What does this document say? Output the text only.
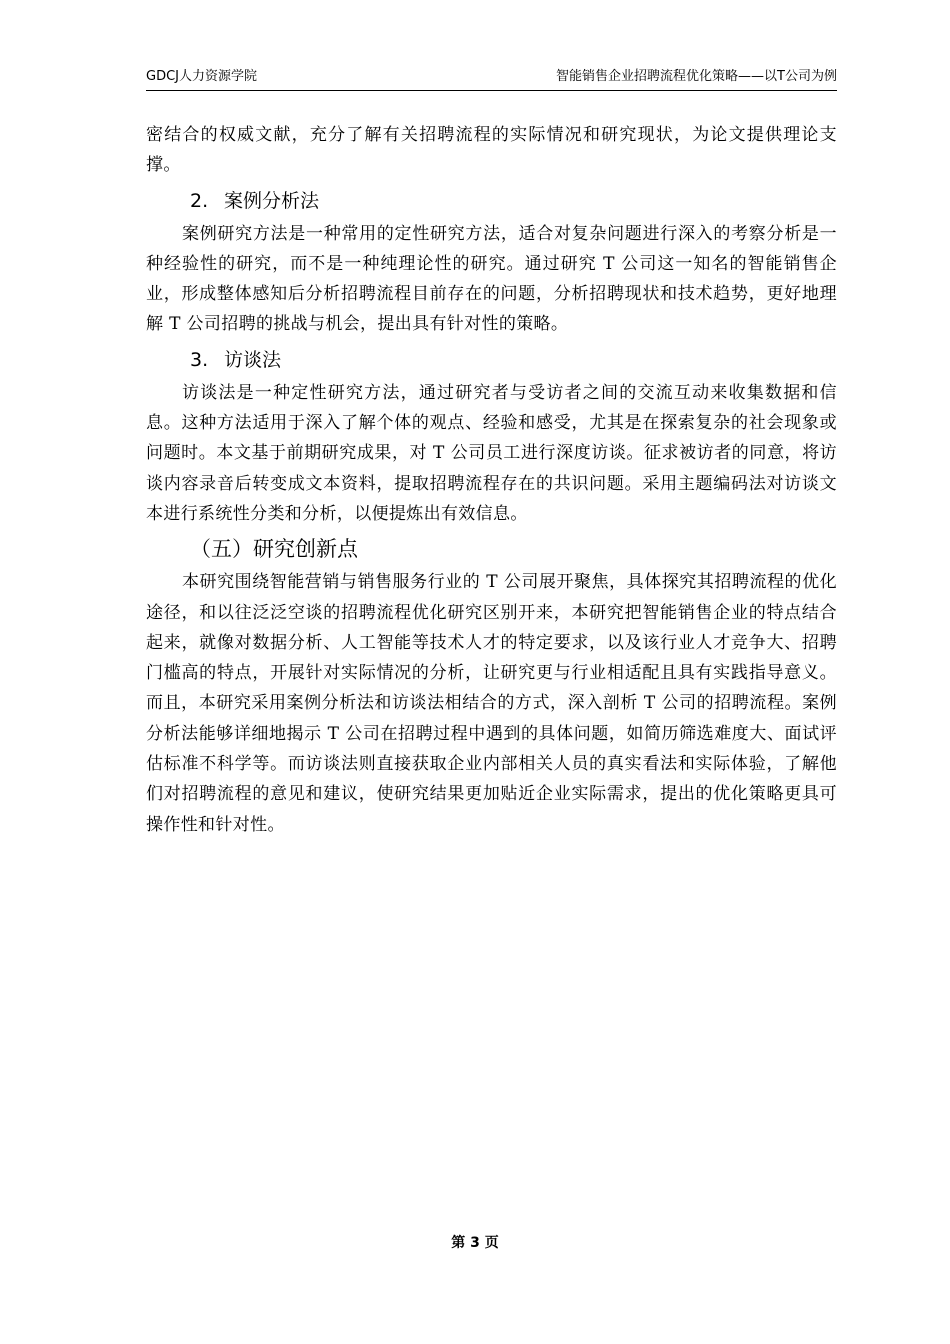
GDCJ人力资源学院	智能销售企业招聘流程优化策略——以T公司为例

密结合的权威文献，充分了解有关招聘流程的实际情况和研究现状，为论文提供理论支撑。

2. 案例分析法

案例研究方法是一种常用的定性研究方法，适合对复杂问题进行深入的考察分析是一种经验性的研究，而不是一种纯理论性的研究。通过研究 T 公司这一知名的智能销售企业，形成整体感知后分析招聘流程目前存在的问题，分析招聘现状和技术趋势，更好地理解 T 公司招聘的挑战与机会，提出具有针对性的策略。

3. 访谈法

访谈法是一种定性研究方法，通过研究者与受访者之间的交流互动来收集数据和信息。这种方法适用于深入了解个体的观点、经验和感受，尤其是在探索复杂的社会现象或问题时。本文基于前期研究成果，对 T 公司员工进行深度访谈。征求被访者的同意，将访谈内容录音后转变成文本资料，提取招聘流程存在的共识问题。采用主题编码法对访谈文本进行系统性分类和分析，以便提炼出有效信息。

（五）研究创新点

本研究围绕智能营销与销售服务行业的 T 公司展开聚焦，具体探究其招聘流程的优化途径，和以往泛泛空谈的招聘流程优化研究区别开来，本研究把智能销售企业的特点结合起来，就像对数据分析、人工智能等技术人才的特定要求，以及该行业人才竞争大、招聘门槛高的特点，开展针对实际情况的分析，让研究更与行业相适配且具有实践指导意义。而且，本研究采用案例分析法和访谈法相结合的方式，深入剖析 T 公司的招聘流程。案例分析法能够详细地揭示 T 公司在招聘过程中遇到的具体问题，如简历筛选难度大、面试评估标准不科学等。而访谈法则直接获取企业内部相关人员的真实看法和实际体验，了解他们对招聘流程的意见和建议，使研究结果更加贴近企业实际需求，提出的优化策略更具可操作性和针对性。

第 3 页
